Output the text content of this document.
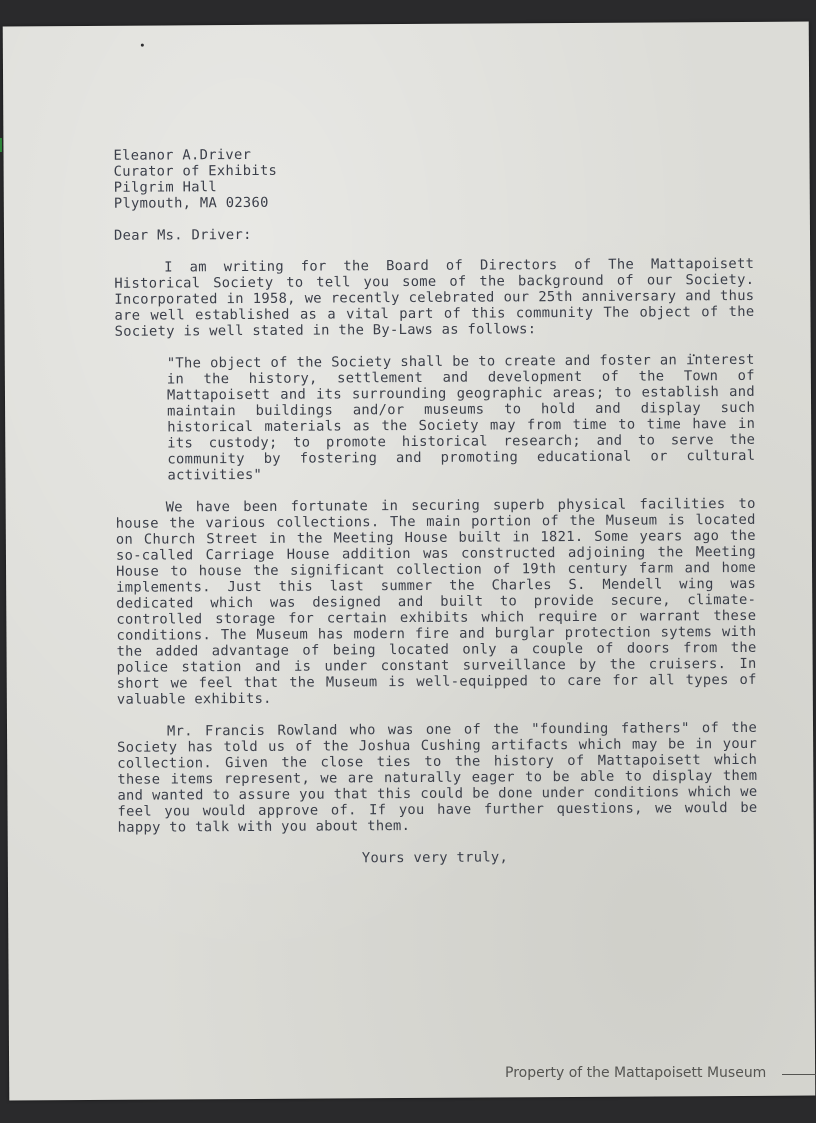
Eleanor A.Driver
Curator of Exhibits
Pilgrim Hall
Plymouth, MA 02360
Dear Ms. Driver:

I am writing for the Board of Directors of The Mattapoisett Historical Society to tell you some of the background of our Society. Incorporated in 1958, we recently celebrated our 25th anniversary and thus are well established as a vital part of this community The object of the Society is well stated in the By-Laws as follows:

"The object of the Society shall be to create and foster an interest in the history, settlement and development of the Town of Mattapoisett and its surrounding geographic areas; to establish and maintain buildings and/or museums to hold and display such historical materials as the Society may from time to time have in its custody; to promote historical research; and to serve the community by fostering and promoting educational or cultural activities"

We have been fortunate in securing superb physical facilities to house the various collections. The main portion of the Museum is located on Church Street in the Meeting House built in 1821. Some years ago the so-called Carriage House addition was constructed adjoining the Meeting House to house the significant collection of 19th century farm and home implements. Just this last summer the Charles S. Mendell wing was dedicated which was designed and built to provide secure, climate-controlled storage for certain exhibits which require or warrant these conditions. The Museum has modern fire and burglar protection sytems with the added advantage of being located only a couple of doors from the police station and is under constant surveillance by the cruisers. In short we feel that the Museum is well-equipped to care for all types of valuable exhibits.

Mr. Francis Rowland who was one of the "founding fathers" of the Society has told us of the Joshua Cushing artifacts which may be in your collection. Given the close ties to the history of Mattapoisett which these items represent, we are naturally eager to be able to display them and wanted to assure you that this could be done under conditions which we feel you would approve of. If you have further questions, we would be happy to talk with you about them.

Yours very truly,
Property of the Mattapoisett Museum
